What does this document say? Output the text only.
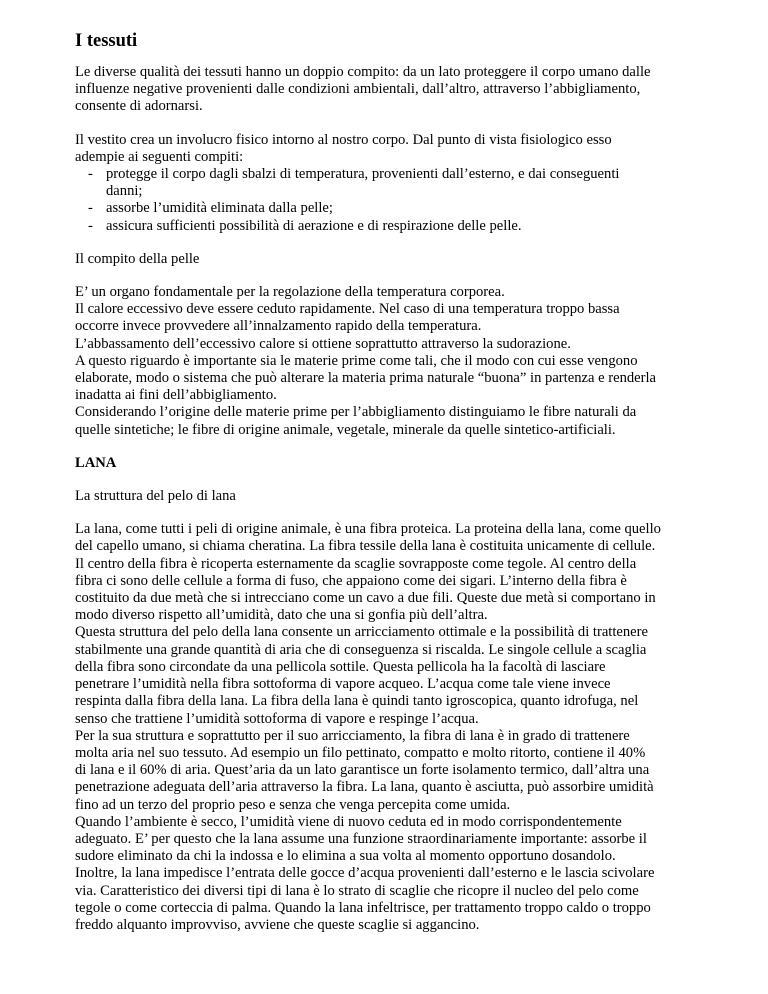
I tessuti

Le diverse qualità dei tessuti hanno un doppio compito: da un lato proteggere il corpo umano dalle
influenze negative provenienti dalle condizioni ambientali, dall’altro, attraverso l’abbigliamento,
consente di adornarsi.

Il vestito crea un involucro fisico intorno al nostro corpo. Dal punto di vista fisiologico esso
adempie ai seguenti compiti:
- protegge il corpo dagli sbalzi di temperatura, provenienti dall’esterno, e dai conseguenti
danni;
- assorbe l’umidità eliminata dalla pelle;
- assicura sufficienti possibilità di aerazione e di respirazione delle pelle.

Il compito della pelle

E’ un organo fondamentale per la regolazione della temperatura corporea.
Il calore eccessivo deve essere ceduto rapidamente. Nel caso di una temperatura troppo bassa
occorre invece provvedere all’innalzamento rapido della temperatura.
L’abbassamento dell’eccessivo calore si ottiene soprattutto attraverso la sudorazione.
A questo riguardo è importante sia le materie prime come tali, che il modo con cui esse vengono
elaborate, modo o sistema che può alterare la materia prima naturale “buona” in partenza e renderla
inadatta ai fini dell’abbigliamento.
Considerando l’origine delle materie prime per l’abbigliamento distinguiamo le fibre naturali da
quelle sintetiche; le fibre di origine animale, vegetale, minerale da quelle sintetico-artificiali.

LANA

La struttura del pelo di lana

La lana, come tutti i peli di origine animale, è una fibra proteica. La proteina della lana, come quello
del capello umano, si chiama cheratina. La fibra tessile della lana è costituita unicamente di cellule.
Il centro della fibra è ricoperta esternamente da scaglie sovrapposte come tegole. Al centro della
fibra ci sono delle cellule a forma di fuso, che appaiono come dei sigari. L’interno della fibra è
costituito da due metà che si intrecciano come un cavo a due fili. Queste due metà si comportano in
modo diverso rispetto all’umidità, dato che una si gonfia più dell’altra.
Questa struttura del pelo della lana consente un arricciamento ottimale e la possibilità di trattenere
stabilmente una grande quantità di aria che di conseguenza si riscalda. Le singole cellule a scaglia
della fibra sono circondate da una pellicola sottile. Questa pellicola ha la facoltà di lasciare
penetrare l’umidità nella fibra sottoforma di vapore acqueo. L’acqua come tale viene invece
respinta dalla fibra della lana. La fibra della lana è quindi tanto igroscopica, quanto idrofuga, nel
senso che trattiene l’umidità sottoforma di vapore e respinge l’acqua.
Per la sua struttura e soprattutto per il suo arricciamento, la fibra di lana è in grado di trattenere
molta aria nel suo tessuto. Ad esempio un filo pettinato, compatto e molto ritorto, contiene il 40%
di lana e il 60% di aria. Quest’aria da un lato garantisce un forte isolamento termico, dall’altra una
penetrazione adeguata dell’aria attraverso la fibra. La lana, quanto è asciutta, può assorbire umidità
fino ad un terzo del proprio peso e senza che venga percepita come umida.
Quando l’ambiente è secco, l’umidità viene di nuovo ceduta ed in modo corrispondentemente
adeguato. E’ per questo che la lana assume una funzione straordinariamente importante: assorbe il
sudore eliminato da chi la indossa e lo elimina a sua volta al momento opportuno dosandolo.
Inoltre, la lana impedisce l’entrata delle gocce d’acqua provenienti dall’esterno e le lascia scivolare
via. Caratteristico dei diversi tipi di lana è lo strato di scaglie che ricopre il nucleo del pelo come
tegole o come corteccia di palma. Quando la lana infeltrisce, per trattamento troppo caldo o troppo
freddo alquanto improvviso, avviene che queste scaglie si aggancino.
